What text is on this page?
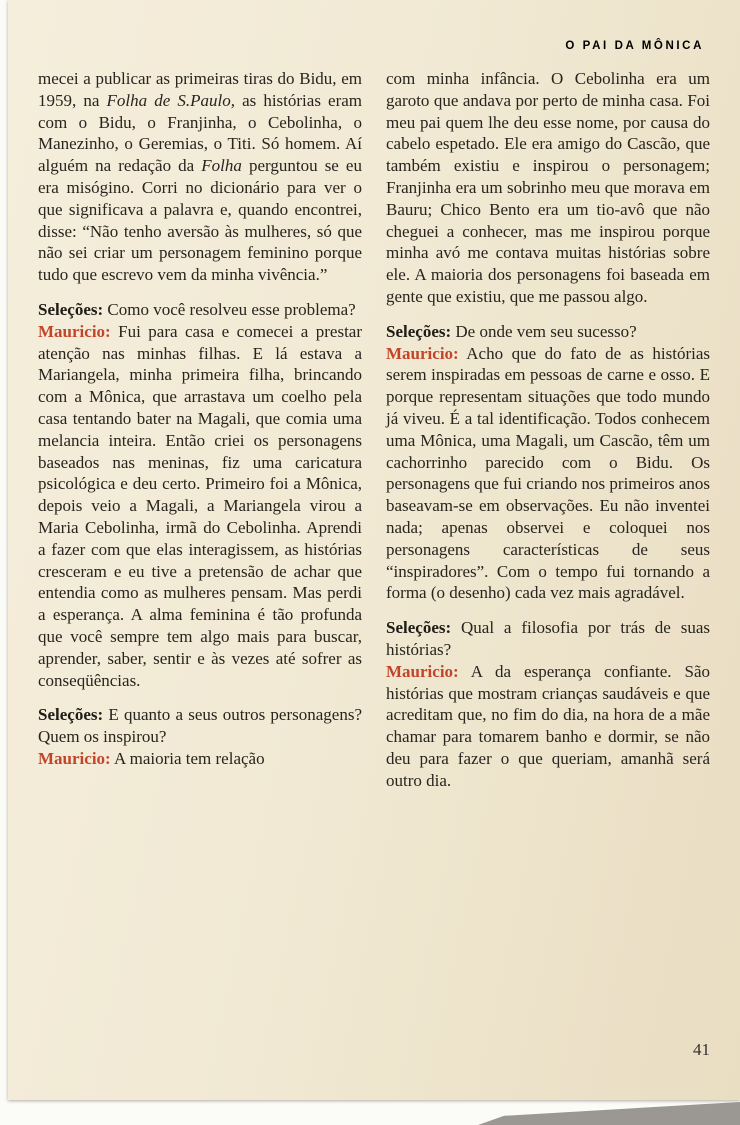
O PAI DA MÔNICA

mecei a publicar as primeiras tiras do Bidu, em 1959, na Folha de S.Paulo, as histórias eram com o Bidu, o Franjinha, o Cebolinha, o Manezinho, o Geremias, o Titi. Só homem. Aí alguém na redação da Folha perguntou se eu era misógino. Corri no dicionário para ver o que significava a palavra e, quando encontrei, disse: “Não tenho aversão às mulheres, só que não sei criar um personagem feminino porque tudo que escrevo vem da minha vivência.”

Seleções: Como você resolveu esse problema?

Mauricio: Fui para casa e comecei a prestar atenção nas minhas filhas. E lá estava a Mariangela, minha primeira filha, brincando com a Mônica, que arrastava um coelho pela casa tentando bater na Magali, que comia uma melancia inteira. Então criei os personagens baseados nas meninas, fiz uma caricatura psicológica e deu certo. Primeiro foi a Mônica, depois veio a Magali, a Mariangela virou a Maria Cebolinha, irmã do Cebolinha. Aprendi a fazer com que elas interagissem, as histórias cresceram e eu tive a pretensão de achar que entendia como as mulheres pensam. Mas perdi a esperança. A alma feminina é tão profunda que você sempre tem algo mais para buscar, aprender, saber, sentir e às vezes até sofrer as conseqüências.

Seleções: E quanto a seus outros personagens? Quem os inspirou?

Mauricio: A maioria tem relação

com minha infância. O Cebolinha era um garoto que andava por perto de minha casa. Foi meu pai quem lhe deu esse nome, por causa do cabelo espetado. Ele era amigo do Cascão, que também existiu e inspirou o personagem; Franjinha era um sobrinho meu que morava em Bauru; Chico Bento era um tio-avô que não cheguei a conhecer, mas me inspirou porque minha avó me contava muitas histórias sobre ele. A maioria dos personagens foi baseada em gente que existiu, que me passou algo.

Seleções: De onde vem seu sucesso?

Mauricio: Acho que do fato de as histórias serem inspiradas em pessoas de carne e osso. E porque representam situações que todo mundo já viveu. É a tal identificação. Todos conhecem uma Mônica, uma Magali, um Cascão, têm um cachorrinho parecido com o Bidu. Os personagens que fui criando nos primeiros anos baseavam-se em observações. Eu não inventei nada; apenas observei e coloquei nos personagens características de seus “inspiradores”. Com o tempo fui tornando a forma (o desenho) cada vez mais agradável.

Seleções: Qual a filosofia por trás de suas histórias?

Mauricio: A da esperança confiante. São histórias que mostram crianças saudáveis e que acreditam que, no fim do dia, na hora de a mãe chamar para tomarem banho e dormir, se não deu para fazer o que queriam, amanhã será outro dia.

41
